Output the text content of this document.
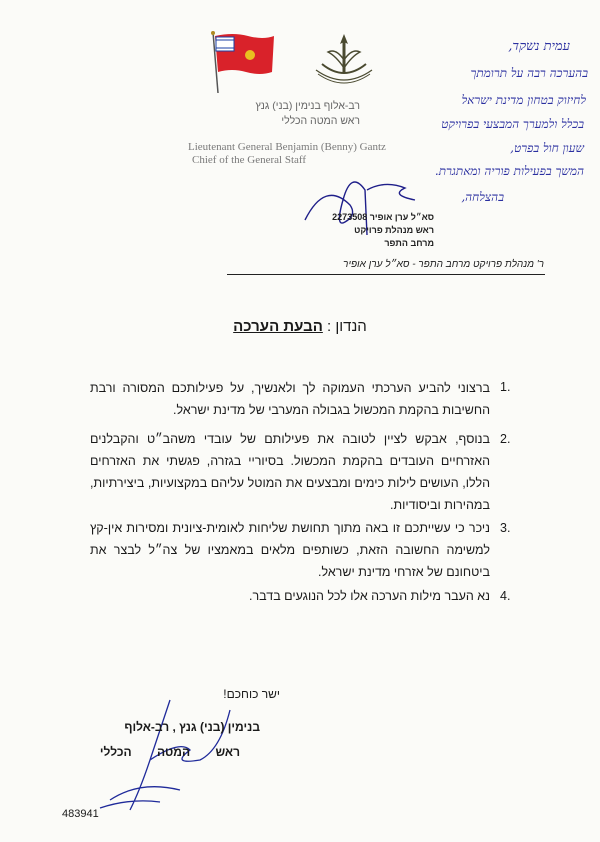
רב-אלוף בנימין (בני) גנץ
ראש המטה הכללי
Lieutenant General Benjamin (Benny) Gantz
Chief of the General Staff
עמית נשקד,
בהערכה רבה על תרומתך
לחיזוק בטחון מדינת ישראל
בכלל ולמערך המבצעי בפרויקט
שעון חול בפרט,
המשך בפעילות פוריה ומאתגרת.
בהצלחה,
סא״ל ערן אופיר 2273508
ראש מנהלת פרויקט
מרחב התפר
ר' מנהלת פרויקט מרחב התפר - סא״ל ערן אופיר
הנדון : הבעת הערכה
1.
ברצוני להביע הערכתי העמוקה לך ולאנשיך, על פעילותכם המסורה ורבת החשיבות בהקמת המכשול בגבולה המערבי של מדינת ישראל.
2.
בנוסף, אבקש לציין לטובה את פעילותם של עובדי משהב״ט והקבלנים האזרחיים העובדים בהקמת המכשול. בסיוריי בגזרה, פגשתי את האזרחים הללו, העושים לילות כימים ומבצעים את המוטל עליהם במקצועיות, ביצירתיות, במהירות וביסודיות.
3.
ניכר כי עשייתכם זו באה מתוך תחושת שליחות לאומית-ציונית ומסירות אין-קץ למשימה החשובה הזאת, כשותפים מלאים במאמציו של צה״ל לבצר את ביטחונם של אזרחי מדינת ישראל.
4.
נא העבר מילות הערכה אלו לכל הנוגעים בדבר.
ישר כוחכם!
בנימין (בני) גנץ , רב-אלוף
ראש המטה הכללי
483941
